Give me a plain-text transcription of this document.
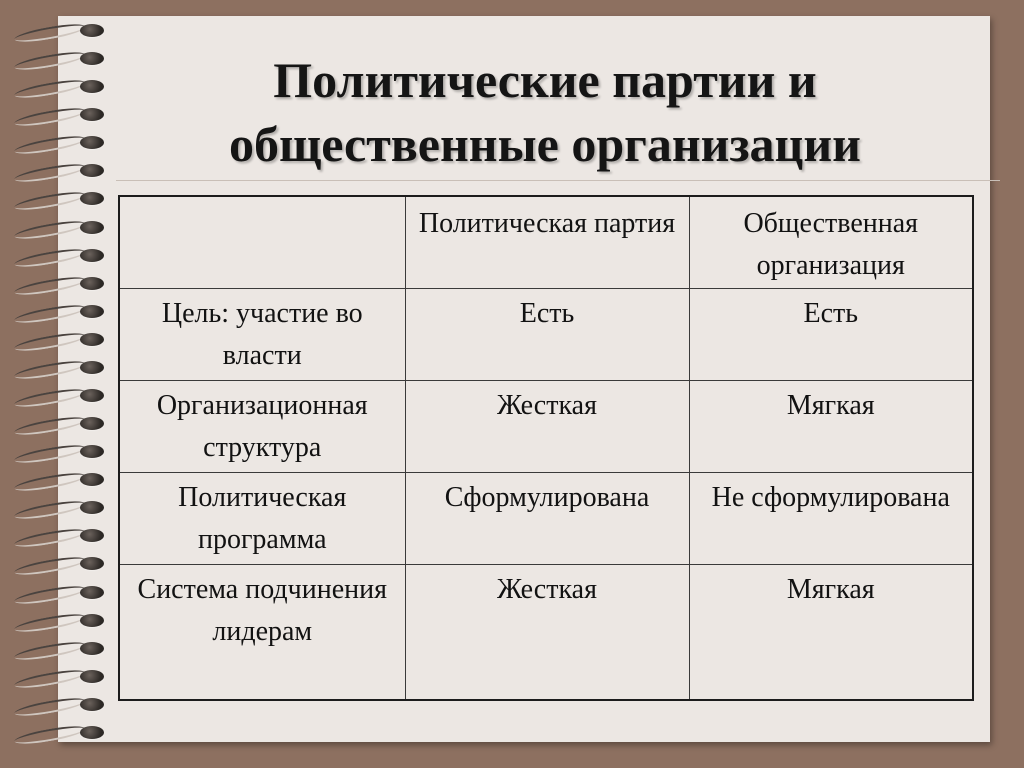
Политические партии и
общественные организации
	Политическая партия	Общественная организация
Цель: участие во власти	Есть	Есть
Организационная структура	Жесткая	Мягкая
Политическая программа	Сформулирована	Не сформулирована
Система подчинения лидерам	Жесткая	Мягкая
